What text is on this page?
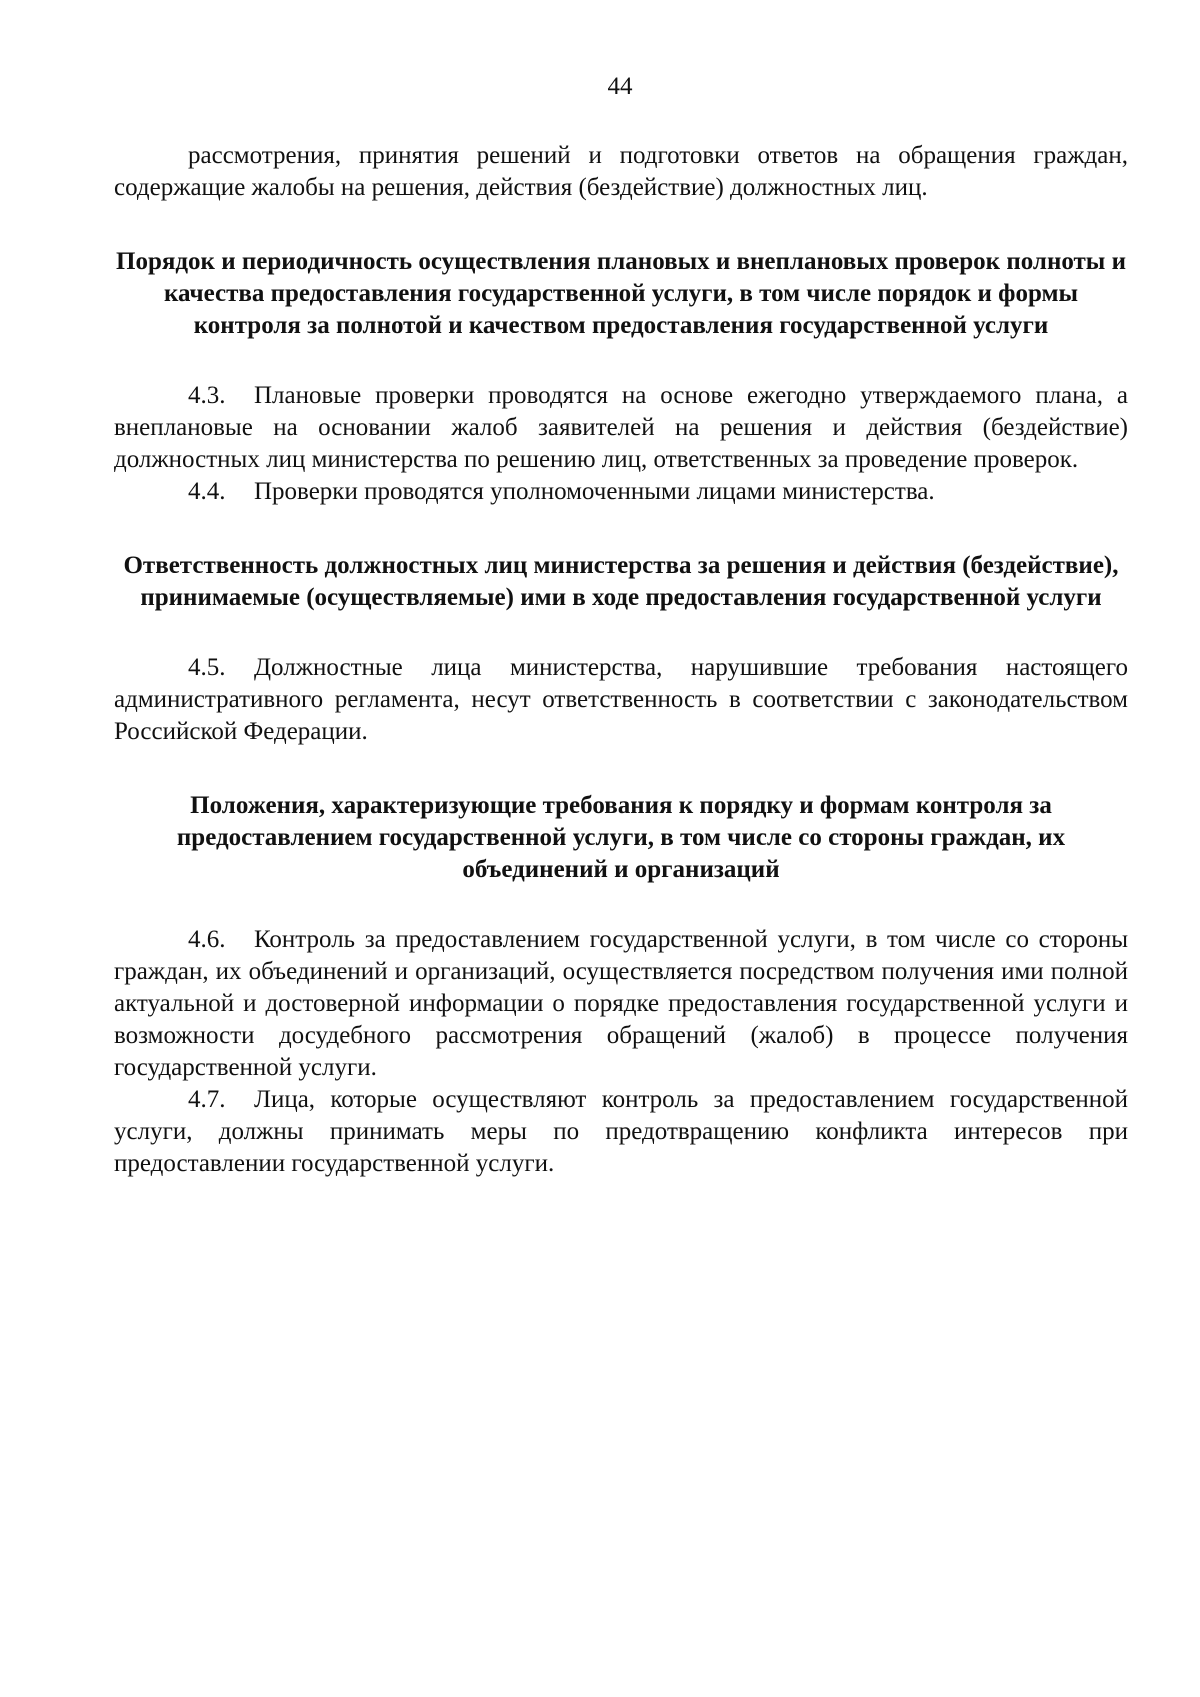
44

рассмотрения, принятия решений и подготовки ответов на обращения граждан, содержащие жалобы на решения, действия (бездействие) должностных лиц.

Порядок и периодичность осуществления плановых и внеплановых проверок полноты и качества предоставления государственной услуги, в том числе порядок и формы контроля за полнотой и качеством предоставления государственной услуги

4.3. Плановые проверки проводятся на основе ежегодно утверждаемого плана, а внеплановые на основании жалоб заявителей на решения и действия (бездействие) должностных лиц министерства по решению лиц, ответственных за проведение проверок.

4.4. Проверки проводятся уполномоченными лицами министерства.

Ответственность должностных лиц министерства за решения и действия (бездействие), принимаемые (осуществляемые) ими в ходе предоставления государственной услуги

4.5. Должностные лица министерства, нарушившие требования настоящего административного регламента, несут ответственность в соответствии с законодательством Российской Федерации.

Положения, характеризующие требования к порядку и формам контроля за предоставлением государственной услуги, в том числе со стороны граждан, их объединений и организаций

4.6. Контроль за предоставлением государственной услуги, в том числе со стороны граждан, их объединений и организаций, осуществляется посредством получения ими полной актуальной и достоверной информации о порядке предоставления государственной услуги и возможности досудебного рассмотрения обращений (жалоб) в процессе получения государственной услуги.

4.7. Лица, которые осуществляют контроль за предоставлением государственной услуги, должны принимать меры по предотвращению конфликта интересов при предоставлении государственной услуги.
